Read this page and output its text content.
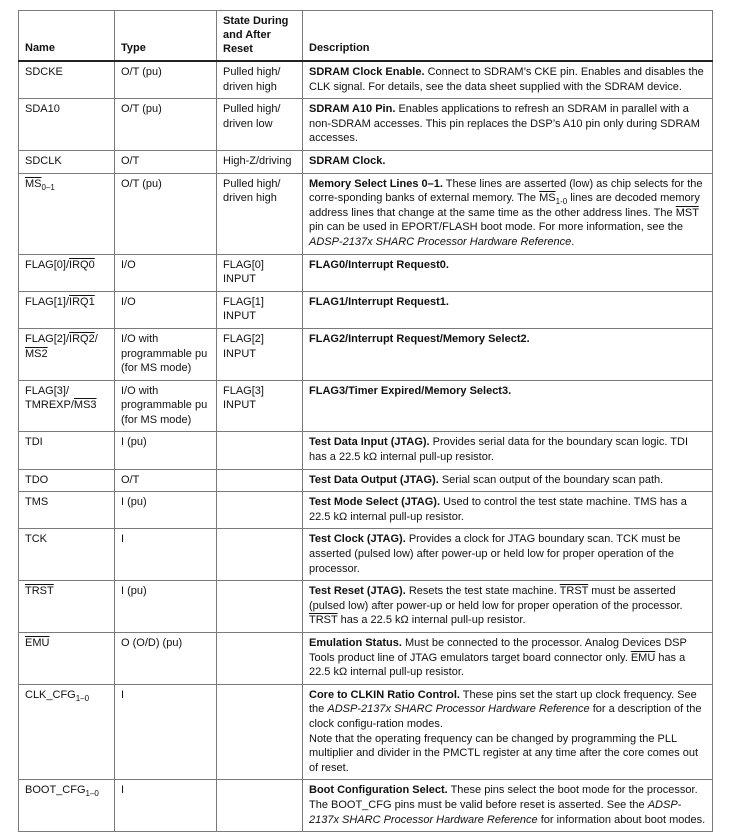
Name	Type	State During
and After
Reset	Description
SDCKE	O/T (pu)	Pulled high/ driven high	SDRAM Clock Enable. Connect to SDRAM’s CKE pin. Enables and disables the CLK signal. For details, see the data sheet supplied with the SDRAM device.
SDA10	O/T (pu)	Pulled high/ driven low	SDRAM A10 Pin. Enables applications to refresh an SDRAM in parallel with a non-SDRAM accesses. This pin replaces the DSP’s A10 pin only during SDRAM accesses.
SDCLK	O/T	High-Z/driving	SDRAM Clock.
$\overline{MS}_{0-1}$	O/T (pu)	Pulled high/ driven high	Memory Select Lines 0–1. These lines are asserted (low) as chip selects for the corre-sponding banks of external memory. The $\overline{MS}_{1-0}$ lines are decoded memory address lines that change at the same time as the other address lines. The $\overline{MST}$ pin can be used in EPORT/FLASH boot mode. For more information, see the ADSP-2137x SHARC Processor Hardware Reference.
FLAG[0]/IRQ0	I/O	FLAG[0] INPUT	FLAG0/Interrupt Request0.
FLAG[1]/IRQ1	I/O	FLAG[1] INPUT	FLAG1/Interrupt Request1.
FLAG[2]/IRQ2/
MS2	I/O with programmable pu (for MS mode)	FLAG[2] INPUT	FLAG2/Interrupt Request/Memory Select2.
FLAG[3]/
TMREXP/MS3	I/O with programmable pu (for MS mode)	FLAG[3] INPUT	FLAG3/Timer Expired/Memory Select3.
TDI	I (pu)		Test Data Input (JTAG). Provides serial data for the boundary scan logic. TDI has a 22.5 kΩ internal pull-up resistor.
TDO	O/T		Test Data Output (JTAG). Serial scan output of the boundary scan path.
TMS	I (pu)		Test Mode Select (JTAG). Used to control the test state machine. TMS has a 22.5 kΩ internal pull-up resistor.
TCK	I		Test Clock (JTAG). Provides a clock for JTAG boundary scan. TCK must be asserted (pulsed low) after power-up or held low for proper operation of the processor.
TRST	I (pu)		Test Reset (JTAG). Resets the test state machine. TRST must be asserted (pulsed low) after power-up or held low for proper operation of the processor. TRST has a 22.5 kΩ internal pull-up resistor.
$\overline{EMU}$	O (O/D) (pu)		Emulation Status. Must be connected to the processor. Analog Devices DSP Tools product line of JTAG emulators target board connector only. $\overline{EMU}$ has a 22.5 kΩ internal pull-up resistor.
$CLK\_CFG_{1-0}$	I		Core to CLKIN Ratio Control. These pins set the start up clock frequency. See the ADSP-2137x SHARC Processor Hardware Reference for a description of the clock configu-ration modes.
Note that the operating frequency can be changed by programming the PLL multiplier and divider in the PMCTL register at any time after the core comes out of reset.

$BOOT\_CFG_{1-0}$	I		Boot Configuration Select. These pins select the boot mode for the processor. The BOOT_CFG pins must be valid before reset is asserted. See the ADSP-2137x SHARC Processor Hardware Reference for information about boot modes.
